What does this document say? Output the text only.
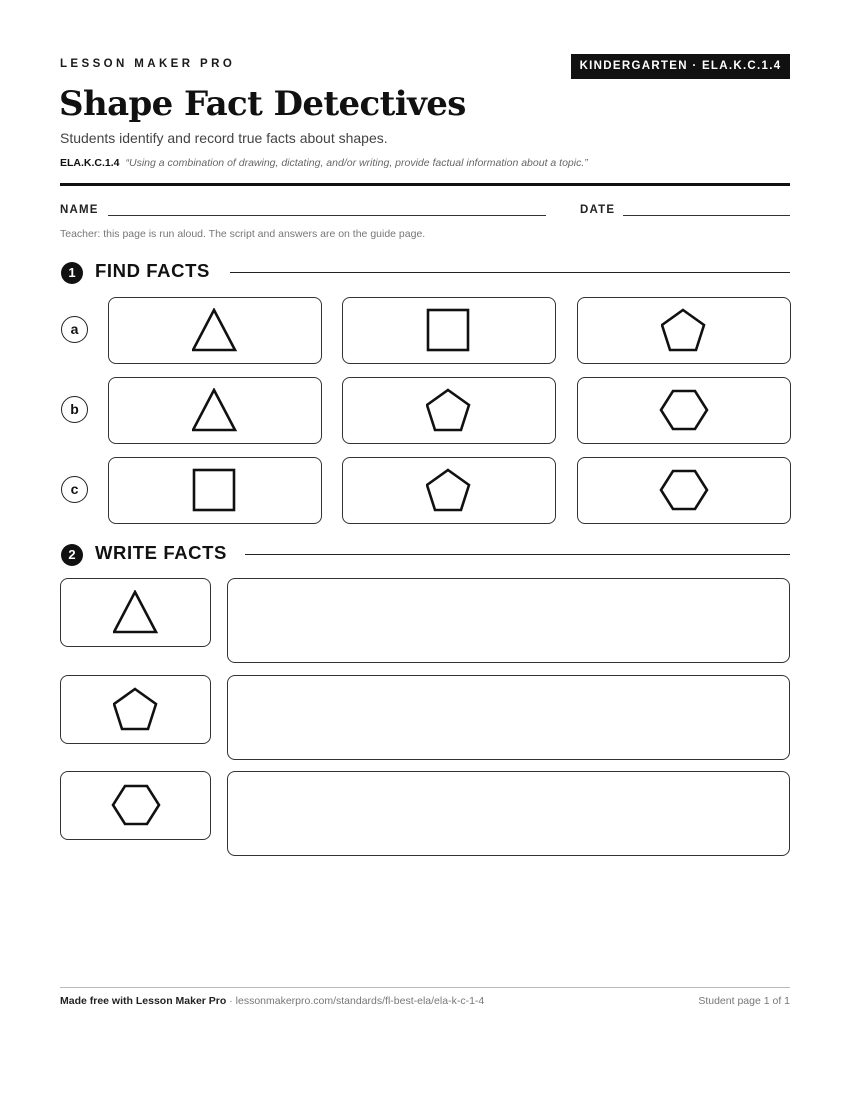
LESSON MAKER PRO	KINDERGARTEN · ELA.K.C.1.4
Shape Fact Detectives
Students identify and record true facts about shapes.
ELA.K.C.1.4 “Using a combination of drawing, dictating, and/or writing, provide factual information about a topic.”
NAME	DATE
Teacher: this page is run aloud. The script and answers are on the guide page.
1	FIND FACTS
a
b
c
2	WRITE FACTS
Made free with Lesson Maker Pro · lessonmakerpro.com/standards/fl-best-ela/ela-k-c-1-4	Student page 1 of 1
